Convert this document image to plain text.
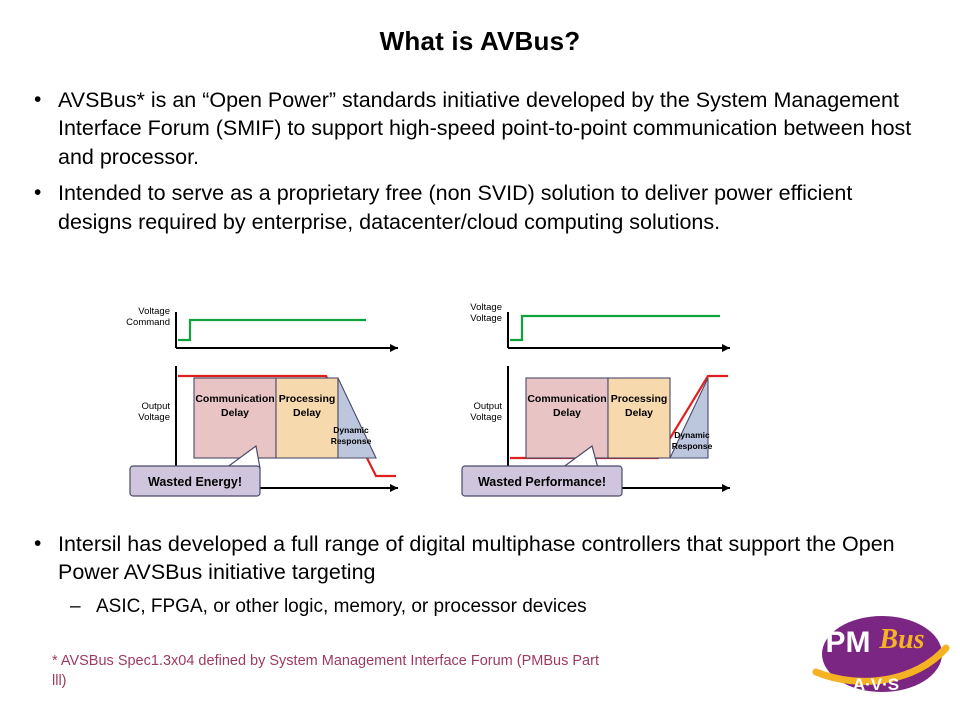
What is AVBus?
• AVSBus* is an “Open Power” standards initiative developed by the System Management Interface Forum (SMIF) to support high-speed point-to-point communication between host and processor.
• Intended to serve as a proprietary free (non SVID) solution to deliver power efficient designs required by enterprise, datacenter/cloud computing solutions.
Communication
Delay
Processing
Delay
Dynamic
Response
Voltage
Command
Output
Voltage
Wasted Energy!
Communication
Delay
Processing
Delay
Dynamic
Response
Voltage
Voltage
Output
Voltage
Wasted Performance!
• Intersil has developed a full range of digital multiphase controllers that support the Open Power AVSBus initiative targeting
– ASIC, FPGA, or other logic, memory, or processor devices
* AVSBus Spec1.3x04 defined by System Management Interface Forum (PMBus Part lll)
PM Bus
A·V·S
